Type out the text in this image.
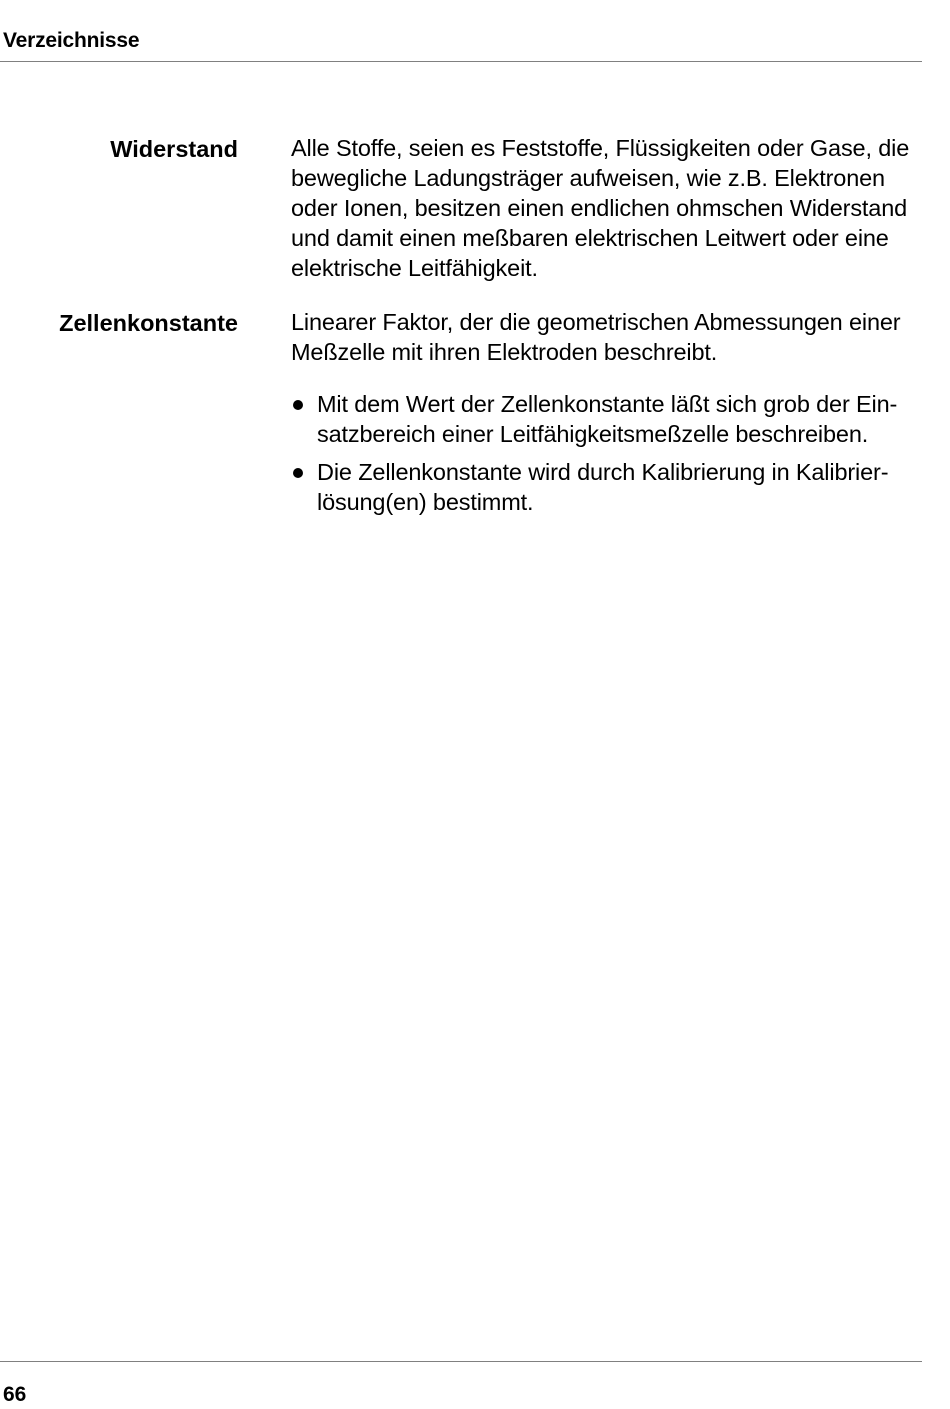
Verzeichnisse
Widerstand Alle Stoffe, seien es Feststoffe, Flüssigkeiten oder Gase, die
bewegliche Ladungsträger aufweisen, wie z.B. Elektronen
oder Ionen, besitzen einen endlichen ohmschen Widerstand
und damit einen meßbaren elektrischen Leitwert oder eine
elektrische Leitfähigkeit.

Zellenkonstante Linearer Faktor, der die geometrischen Abmessungen einer
Meßzelle mit ihren Elektroden beschreibt.

Mit dem Wert der Zellenkonstante läßt sich grob der Ein-
satzbereich einer Leitfähigkeitsmeßzelle beschreiben.
Die Zellenkonstante wird durch Kalibrierung in Kalibrier-
lösung(en) bestimmt.
66
